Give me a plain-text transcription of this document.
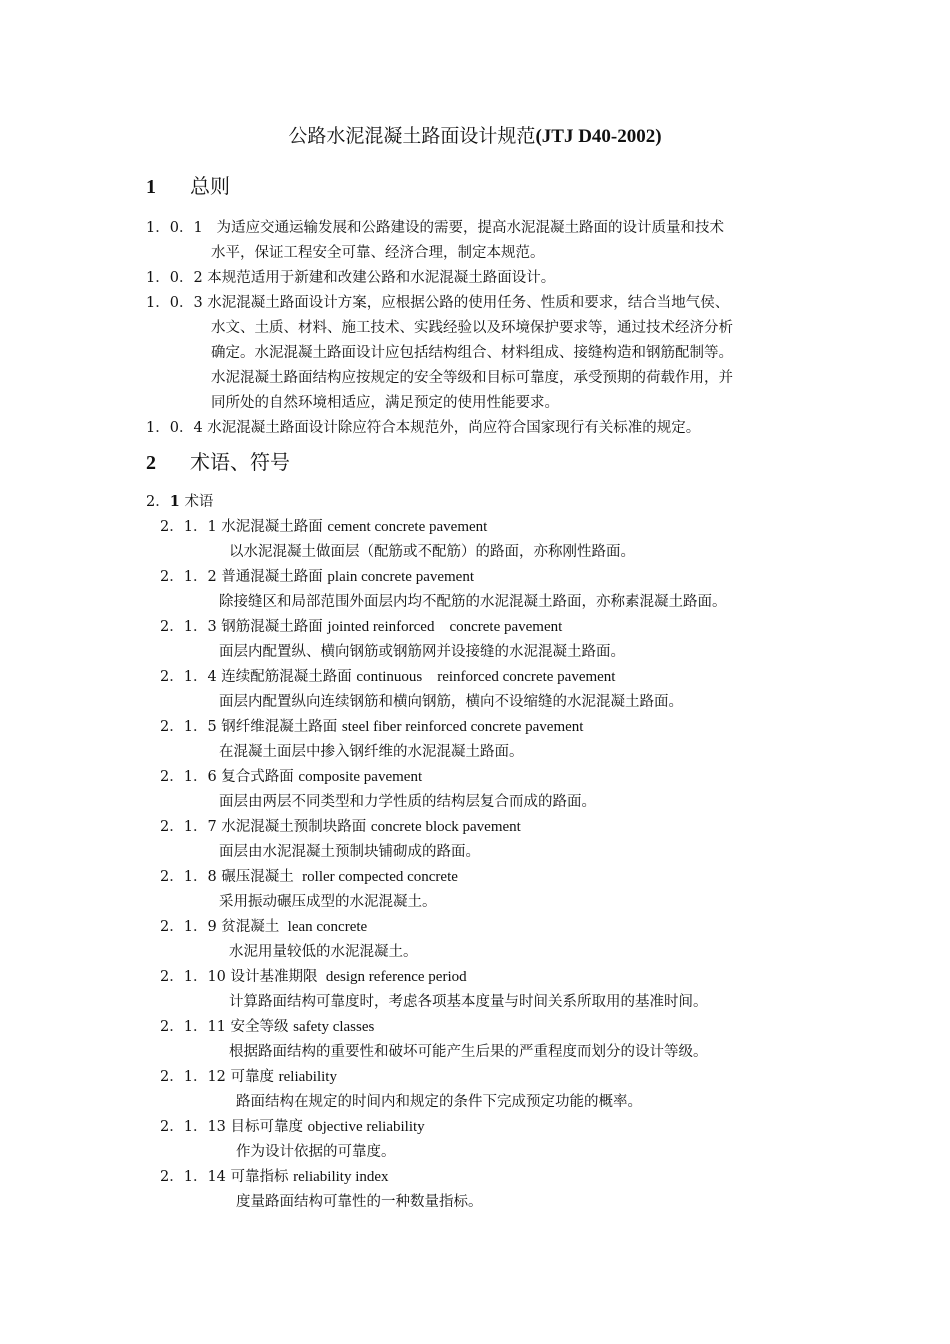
公路水泥混凝土路面设计规范(JTJ D40-2002)
1 总则
1．0．1 为适应交通运输发展和公路建设的需要，提高水泥混凝土路面的设计质量和技术
水平，保证工程安全可靠、经济合理，制定本规范。
1．0．2 本规范适用于新建和改建公路和水泥混凝土路面设计。
1．0．3 水泥混凝土路面设计方案，应根据公路的使用任务、性质和要求，结合当地气侯、
水文、土质、材料、施工技术、实践经验以及环境保护要求等，通过技术经济分析
确定。水泥混凝土路面设计应包括结构组合、材料组成、接缝构造和钢筋配制等。
水泥混凝土路面结构应按规定的安全等级和目标可靠度，承受预期的荷载作用，并
同所处的自然环境相适应，满足预定的使用性能要求。
1．0．4 水泥混凝土路面设计除应符合本规范外，尚应符合国家现行有关标准的规定。
2 术语、符号
2．1 术语
2．1．1 水泥混凝土路面 cement concrete pavement
以水泥混凝土做面层（配筋或不配筋）的路面，亦称刚性路面。
2．1．2 普通混凝土路面 plain concrete pavement
除接缝区和局部范围外面层内均不配筋的水泥混凝土路面，亦称素混凝土路面。
2．1．3 钢筋混凝土路面 jointed reinforced　concrete pavement
面层内配置纵、横向钢筋或钢筋网并设接缝的水泥混凝土路面。
2．1．4 连续配筋混凝土路面 continuous　reinforced concrete pavement
面层内配置纵向连续钢筋和横向钢筋，横向不设缩缝的水泥混凝土路面。
2．1．5 钢纤维混凝土路面 steel fiber reinforced concrete pavement
在混凝土面层中掺入钢纤维的水泥混凝土路面。
2．1．6 复合式路面 composite pavement
面层由两层不同类型和力学性质的结构层复合而成的路面。
2．1．7 水泥混凝土预制块路面 concrete block pavement
面层由水泥混凝土预制块铺砌成的路面。
2．1．8 碾压混凝土  roller compected concrete
采用振动碾压成型的水泥混凝土。
2．1．9 贫混凝土  lean concrete
水泥用量较低的水泥混凝土。
2．1．10 设计基准期限  design reference period
计算路面结构可靠度时，考虑各项基本度量与时间关系所取用的基准时间。
2．1．11 安全等级 safety classes
根据路面结构的重要性和破坏可能产生后果的严重程度而划分的设计等级。
2．1．12 可靠度 reliability
路面结构在规定的时间内和规定的条件下完成预定功能的概率。
2．1．13 目标可靠度 objective reliability
作为设计依据的可靠度。
2．1．14 可靠指标 reliability index
度量路面结构可靠性的一种数量指标。
